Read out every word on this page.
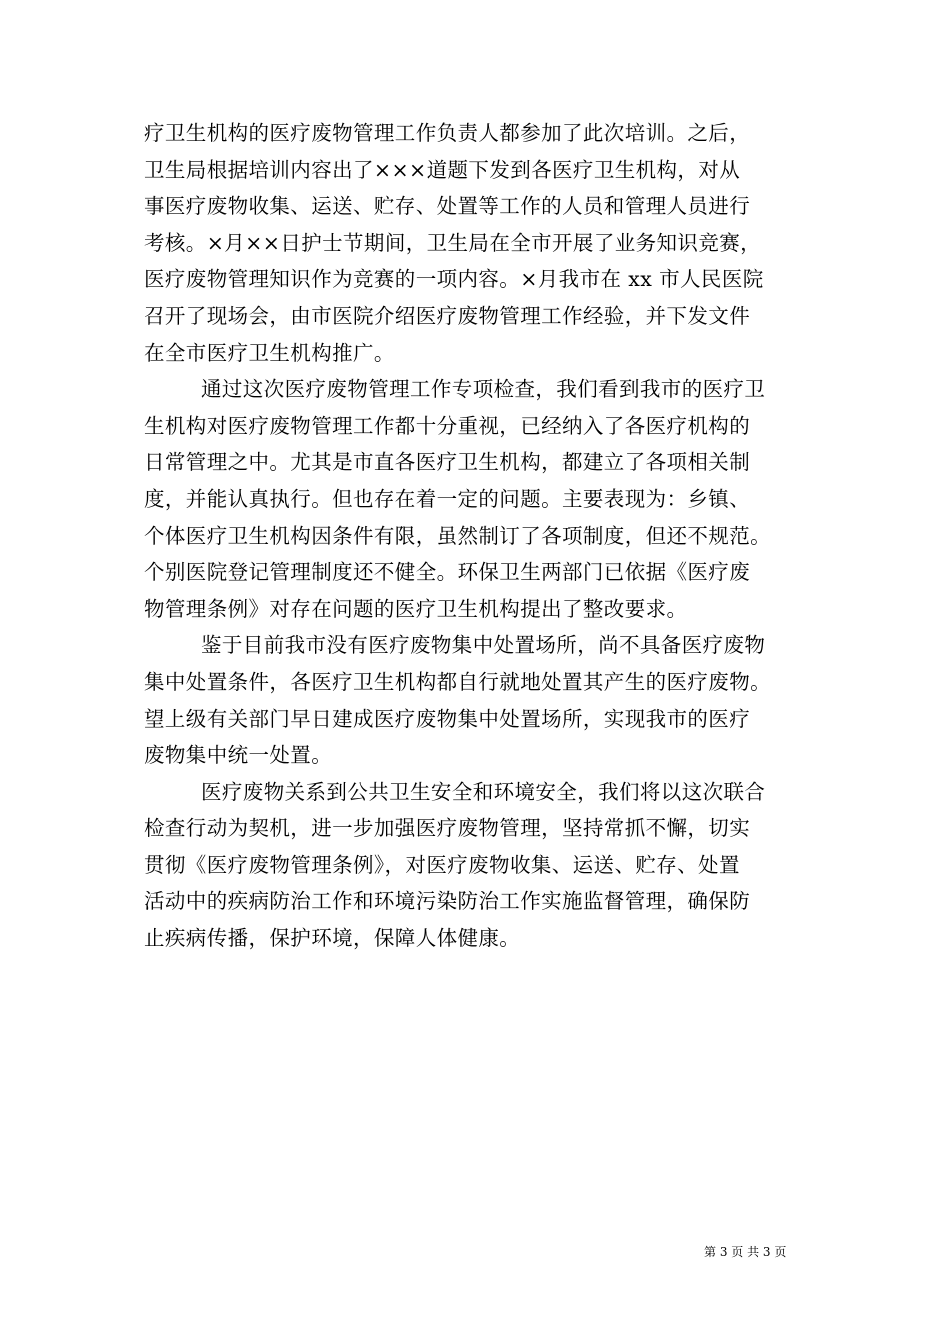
疗卫生机构的医疗废物管理工作负责人都参加了此次培训。之后，
卫生局根据培训内容出了×××道题下发到各医疗卫生机构，对从
事医疗废物收集、运送、贮存、处置等工作的人员和管理人员进行
考核。×月××日护士节期间，卫生局在全市开展了业务知识竞赛，
医疗废物管理知识作为竞赛的一项内容。×月我市在 xx 市人民医院
召开了现场会，由市医院介绍医疗废物管理工作经验，并下发文件
在全市医疗卫生机构推广。
通过这次医疗废物管理工作专项检查，我们看到我市的医疗卫
生机构对医疗废物管理工作都十分重视，已经纳入了各医疗机构的
日常管理之中。尤其是市直各医疗卫生机构，都建立了各项相关制
度，并能认真执行。但也存在着一定的问题。主要表现为：乡镇、
个体医疗卫生机构因条件有限，虽然制订了各项制度，但还不规范。
个别医院登记管理制度还不健全。环保卫生两部门已依据《医疗废
物管理条例》对存在问题的医疗卫生机构提出了整改要求。
鉴于目前我市没有医疗废物集中处置场所，尚不具备医疗废物
集中处置条件，各医疗卫生机构都自行就地处置其产生的医疗废物。
望上级有关部门早日建成医疗废物集中处置场所，实现我市的医疗
废物集中统一处置。
医疗废物关系到公共卫生安全和环境安全，我们将以这次联合
检查行动为契机，进一步加强医疗废物管理，坚持常抓不懈，切实
贯彻《医疗废物管理条例》，对医疗废物收集、运送、贮存、处置
活动中的疾病防治工作和环境污染防治工作实施监督管理，确保防
止疾病传播，保护环境，保障人体健康。
第 3 页 共 3 页
